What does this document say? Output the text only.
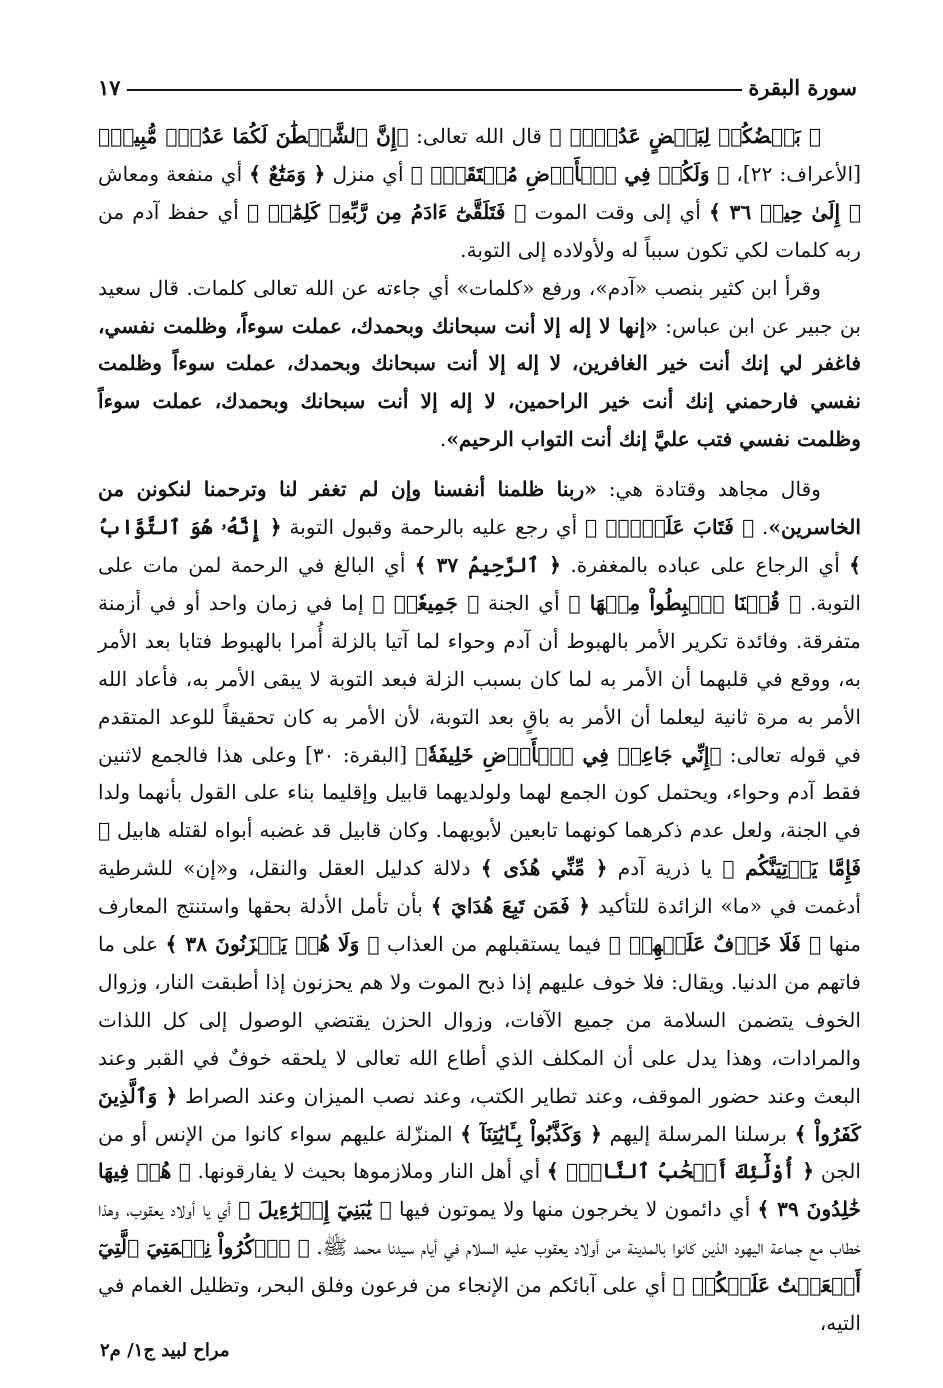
سورة البقرة
١٧

﴿ بَعۡضُكُمۡ لِبَعۡضٍ عَدُوّٞۖ ﴾ قال الله تعالى: ﴿إِنَّ ٱلشَّيۡطَٰنَ لَكُمَا عَدُوّٞ مُّبِينٞ﴾ [الأعراف: ٢٢]، ﴿ وَلَكُمۡ فِي ٱلۡأَرۡضِ مُسۡتَقَرّٞ ﴾ أي منزل ﴿ وَمَتَٰعٌ ﴾ أي منفعة ومعاش ﴿ إِلَىٰ حِينٖ ٣٦ ﴾ أي إلى وقت الموت ﴿ فَتَلَقَّىٰٓ ءَادَمُ مِن رَّبِّهِۦ كَلِمَٰتٖ ﴾ أي حفظ آدم من ربه كلمات لكي تكون سبباً له ولأولاده إلى التوبة.

وقرأ ابن كثير بنصب «آدم»، ورفع «كلمات» أي جاءته عن الله تعالى كلمات. قال سعيد بن جبير عن ابن عباس: «إنها لا إله إلا أنت سبحانك وبحمدك، عملت سوءاً، وظلمت نفسي، فاغفر لي إنك أنت خير الغافرين، لا إله إلا أنت سبحانك وبحمدك، عملت سوءاً وظلمت نفسي فارحمني إنك أنت خير الراحمين، لا إله إلا أنت سبحانك وبحمدك، عملت سوءاً وظلمت نفسي فتب عليَّ إنك أنت التواب الرحيم».

وقال مجاهد وقتادة هي: «ربنا ظلمنا أنفسنا وإن لم تغفر لنا وترحمنا لنكونن من الخاسرين». ﴿ فَتَابَ عَلَيۡهِۚ ﴾ أي رجع عليه بالرحمة وقبول التوبة ﴿ إِنَّهُۥ هُوَ ٱلتَّوَّابُ ﴾ أي الرجاع على عباده بالمغفرة. ﴿ ٱلرَّحِيمُ ٣٧ ﴾ أي البالغ في الرحمة لمن مات على التوبة. ﴿ قُلۡنَا ٱهۡبِطُواْ مِنۡهَا ﴾ أي الجنة ﴿ جَمِيعٗاۖ ﴾ إما في زمان واحد أو في أزمنة متفرقة. وفائدة تكرير الأمر بالهبوط أن آدم وحواء لما آتيا بالزلة أُمرا بالهبوط فتابا بعد الأمر به، ووقع في قلبهما أن الأمر به لما كان بسبب الزلة فبعد التوبة لا يبقى الأمر به، فأعاد الله الأمر به مرة ثانية ليعلما أن الأمر به باقٍ بعد التوبة، لأن الأمر به كان تحقيقاً للوعد المتقدم في قوله تعالى: ﴿إِنِّي جَاعِلٞ فِي ٱلۡأَرۡضِ خَلِيفَةٗ﴾ [البقرة: ٣٠] وعلى هذا فالجمع لاثنين فقط آدم وحواء، ويحتمل كون الجمع لهما ولولديهما قابيل وإقليما بناء على القول بأنهما ولدا في الجنة، ولعل عدم ذكرهما كونهما تابعين لأبويهما. وكان قابيل قد غضبه أبواه لقتله هابيل ﴿ فَإِمَّا يَأۡتِيَنَّكُم ﴾ يا ذرية آدم ﴿ مِّنِّي هُدٗى ﴾ دلالة كدليل العقل والنقل، و«إن» للشرطية أدغمت في «ما» الزائدة للتأكيد ﴿ فَمَن تَبِعَ هُدَايَ ﴾ بأن تأمل الأدلة بحقها واستنتج المعارف منها ﴿ فَلَا خَوۡفٌ عَلَيۡهِمۡ ﴾ فيما يستقبلهم من العذاب ﴿ وَلَا هُمۡ يَحۡزَنُونَ ٣٨ ﴾ على ما فاتهم من الدنيا. ويقال: فلا خوف عليهم إذا ذبح الموت ولا هم يحزنون إذا أطبقت النار، وزوال الخوف يتضمن السلامة من جميع الآفات، وزوال الحزن يقتضي الوصول إلى كل اللذات والمرادات، وهذا يدل على أن المكلف الذي أطاع الله تعالى لا يلحقه خوفٌ في القبر وعند البعث وعند حضور الموقف، وعند تطاير الكتب، وعند نصب الميزان وعند الصراط ﴿ وَٱلَّذِينَ كَفَرُواْ ﴾ برسلنا المرسلة إليهم ﴿ وَكَذَّبُواْ بِـَٔايَٰتِنَآ ﴾ المنزّلة عليهم سواء كانوا من الإنس أو من الجن ﴿ أُوْلَٰٓئِكَ أَصۡحَٰبُ ٱلنَّارِۖ ﴾ أي أهل النار وملازموها بحيث لا يفارقونها. ﴿ هُمۡ فِيهَا خَٰلِدُونَ ٣٩ ﴾ أي دائمون لا يخرجون منها ولا يموتون فيها ﴿ يَٰبَنِيٓ إِسۡرَٰٓءِيلَ ﴾ أي يا أولاد يعقوب، وهذا خطاب مع جماعة اليهود الذين كانوا بالمدينة من أولاد يعقوب عليه السلام في أيام سيدنا محمد ﷺ. ﴿ ٱذۡكُرُواْ نِعۡمَتِيَ ٱلَّتِيٓ أَنۡعَمۡتُ عَلَيۡكُمۡ ﴾ أي على آبائكم من الإنجاء من فرعون وفلق البحر، وتظليل الغمام في التيه،

مراح لبيد ج١/ م٢
